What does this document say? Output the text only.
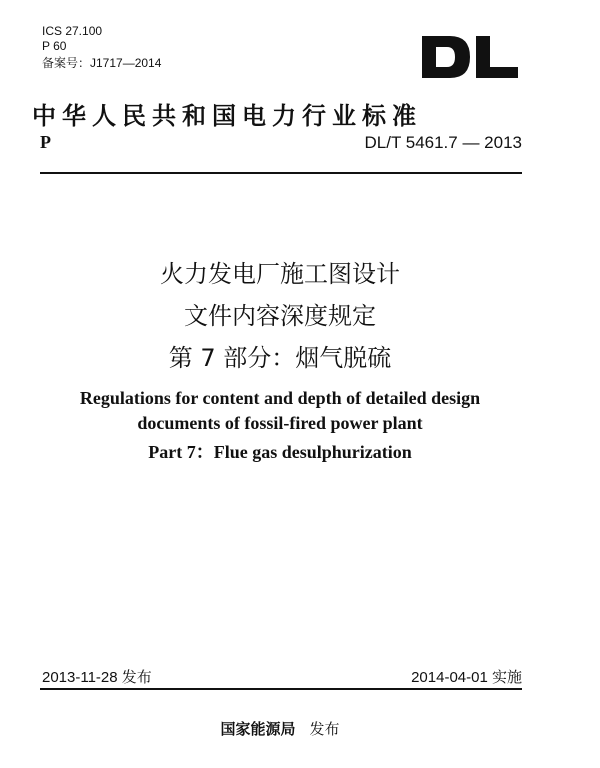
ICS 27.100
P 60
备案号：J1717—2014
中华人民共和国电力行业标准
P	DL/T 5461.7 — 2013
火力发电厂施工图设计
文件内容深度规定
第 7 部分：烟气脱硫
Regulations for content and depth of detailed design
documents of fossil-fired power plant
Part 7：Flue gas desulphurization
2013-11-28 发布	2014-04-01 实施
国家能源局 发布
